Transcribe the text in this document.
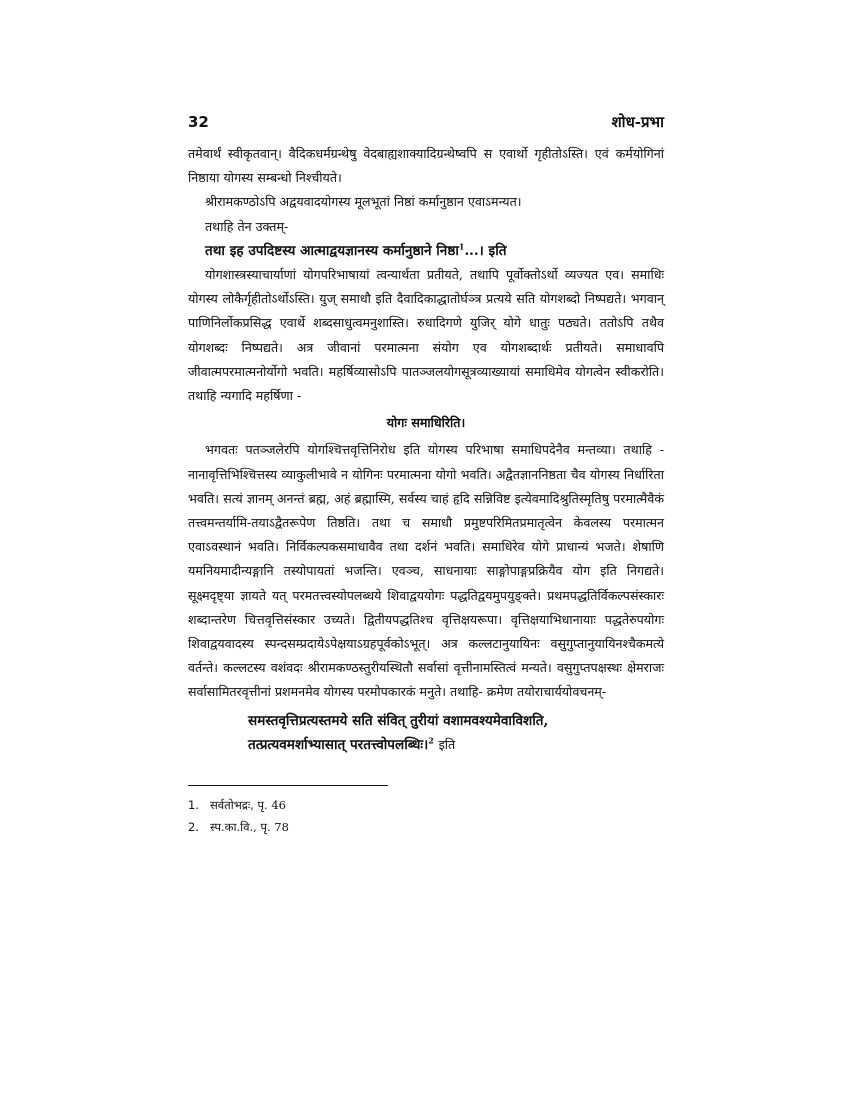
32	शोध-प्रभा

तमेवार्थं स्वीकृतवान्। वैदिकधर्मग्रन्थेषु वेदबाह्यशाक्यादिग्रन्थेष्वपि स एवार्थो गृहीतोऽस्ति। एवं कर्मयोगिनां निष्ठाया योगस्य सम्बन्धो निश्चीयते।

श्रीरामकण्ठोऽपि अद्वयवादयोगस्य मूलभूतां निष्ठां कर्मानुष्ठान एवाऽमन्यत।

तथाहि तेन उक्तम्-

तथा इह उपदिष्टस्य आत्माद्वयज्ञानस्य कर्मानुष्ठाने निष्ठा$^1$...। इति

योगशास्त्रस्याचार्याणां योगपरिभाषायां त्वन्यार्थता प्रतीयते, तथापि पूर्वोक्तोऽर्थो व्यज्यत एव। समाधिः योगस्य लोकैर्गृहीतोऽर्थोऽस्ति। युज् समाधौ इति दैवादिकाद्धातोर्घञ्‍त्र प्रत्यये सति योगशब्दो निष्पद्यते। भगवान् पाणिनिर्लोकप्रसिद्ध एवार्थे शब्दसाधुत्वमनुशास्ति। रुधादिगणे युजिर् योगे धातुः पठ्यते। ततोऽपि तथैव योगशब्दः निष्पद्यते। अत्र जीवानां परमात्मना संयोग एव योगशब्दार्थः प्रतीयते। समाधावपि जीवात्मपरमात्मनोर्योगो भवति। महर्षिव्यासोऽपि पातञ्जलयोगसूत्रव्याख्यायां समाधिमेव योगत्वेन स्वीकरोति। तथाहि न्यगादि महर्षिणा -

योगः समाधिरिति।

भगवतः पतञ्जलेरपि योगश्चित्तवृत्तिनिरोध इति योगस्य परिभाषा समाधिपदेनैव मन्तव्या। तथाहि - नानावृत्तिभिश्चित्तस्य व्याकुलीभावे न योगिनः परमात्मना योगो भवति। अद्वैतज्ञाननिष्ठता चैव योगस्य निर्धारिता भवति। सत्यं ज्ञानम् अनन्तं ब्रह्म, अहं ब्रह्मास्मि, सर्वस्य चाहं हृदि सन्निविष्ट इत्येवमादिश्रुतिस्मृतिषु परमात्मैवैकं तत्त्वमन्तर्यामि-तयाऽद्वैतरूपेण तिष्ठति। तथा च समाधौ प्रमुष्टपरिमितप्रमातृत्वेन केवलस्य परमात्मन एवाऽवस्थानं भवति। निर्विकल्पकसमाधावैव तथा दर्शनं भवति। समाधिरेव योगे प्राधान्यं भजते। शेषाणि यमनियमादीन्यङ्गानि तस्योपायतां भजन्ति। एवञ्च, साधनायाः साङ्गोपाङ्गप्रक्रियैव योग इति निगद्यते। सूक्ष्मदृष्ट्या ज्ञायते यत् परमतत्त्वस्योपलब्धये शिवाद्वययोगः पद्धतिद्वयमुपयुङ्क्ते। प्रथमपद्धतिर्विकल्पसंस्कारः शब्दान्तरेण चित्तवृत्तिसंस्कार उच्यते। द्वितीयपद्धतिश्च वृत्तिक्षयरूपा। वृत्तिक्षयाभिधानायाः पद्धतेरुपयोगः शिवाद्वयवादस्य स्पन्दसम्प्रदायेऽपेक्षयाऽग्रहपूर्वकोऽभूत्। अत्र कल्लटानुयायिनः वसुगुप्तानुयायिनश्चैकमत्ये वर्तन्ते। कल्लटस्य वशंवदः श्रीरामकण्ठस्तुरीयस्थितौ सर्वासां वृत्तीनामस्तित्वं मन्यते। वसुगुप्तपक्षस्थः क्षेमराजः सर्वासामितरवृत्तीनां प्रशमनमेव योगस्य परमोपकारकं मनुते। तथाहि- क्रमेण तयोराचार्ययोवचनम्-

समस्तवृत्तिप्रत्यस्तमये सति संवित् तुरीयां वशामवश्यमेवाविशति,
तत्प्रत्यवमर्शाभ्यासात् परतत्त्वोपलब्धिः।$^2$ इति
1. सर्वतोभद्रः, पृ. 46
2. स्प.का.वि., पृ. 78
